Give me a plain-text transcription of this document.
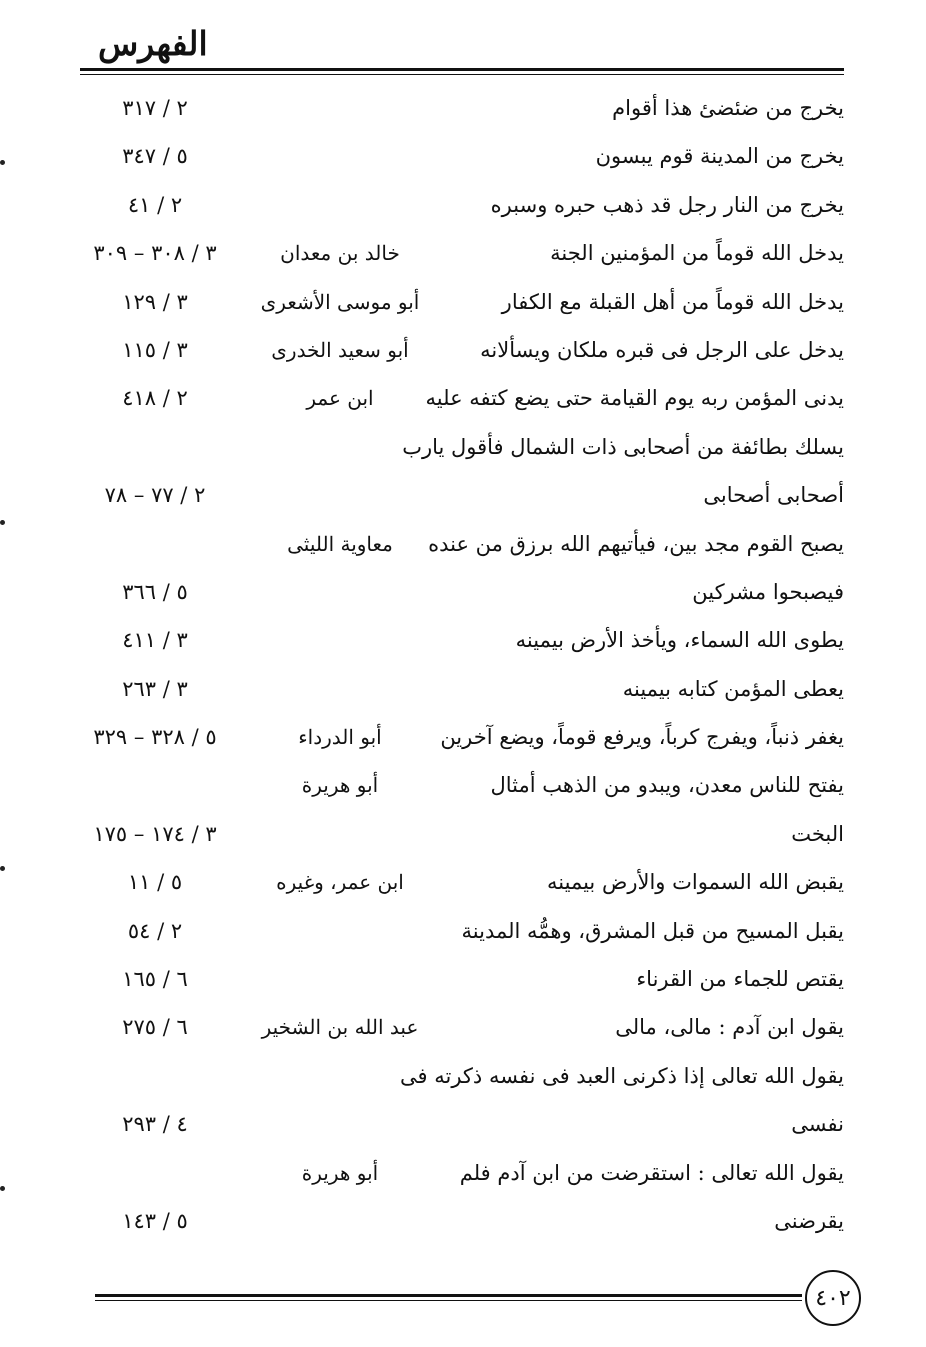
الفهرس
يخرج من ضئضئ هذا أقوام
٢ / ٣١٧
يخرج من المدينة قوم يبسون
٥ / ٣٤٧
يخرج من النار رجل قد ذهب حبره وسبره
٢ / ٤١
يدخل الله قوماً من المؤمنين الجنة
خالد بن معدان
٣ / ٣٠٨ – ٣٠٩
يدخل الله قوماً من أهل القبلة مع الكفار
أبو موسى الأشعرى
٣ / ١٢٩
يدخل على الرجل فى قبره ملكان ويسألانه
أبو سعيد الخدرى
٣ / ١١٥
يدنى المؤمن ربه يوم القيامة حتى يضع كتفه عليه
ابن عمر
٢ / ٤١٨
يسلك بطائفة من أصحابى ذات الشمال فأقول يارب
أصحابى أصحابى
٢ / ٧٧ – ٧٨
يصبح القوم مجد بين، فيأتيهم الله برزق من عنده
معاوية الليثى
فيصبحوا مشركين
٥ / ٣٦٦
يطوى الله السماء، ويأخذ الأرض بيمينه
٣ / ٤١١
يعطى المؤمن كتابه بيمينه
٣ / ٢٦٣
يغفر ذنباً، ويفرج كرباً، ويرفع قوماً، ويضع آخرين
أبو الدرداء
٥ / ٣٢٨ – ٣٢٩
يفتح للناس معدن، ويبدو من الذهب أمثال
أبو هريرة
البخت
٣ / ١٧٤ – ١٧٥
يقبض الله السموات والأرض بيمينه
ابن عمر، وغيره
٥ / ١١
يقبل المسيح من قبل المشرق، وهمُّه المدينة
٢ / ٥٤
يقتص للجماء من القرناء
٦ / ١٦٥
يقول ابن آدم : مالى، مالى
عبد الله بن الشخير
٦ / ٢٧٥
يقول الله تعالى إذا ذكرنى العبد فى نفسه ذكرته فى
نفسى
٤ / ٢٩٣
يقول الله تعالى : استقرضت من ابن آدم فلم
أبو هريرة
يقرضنى
٥ / ١٤٣
٤٠٢
